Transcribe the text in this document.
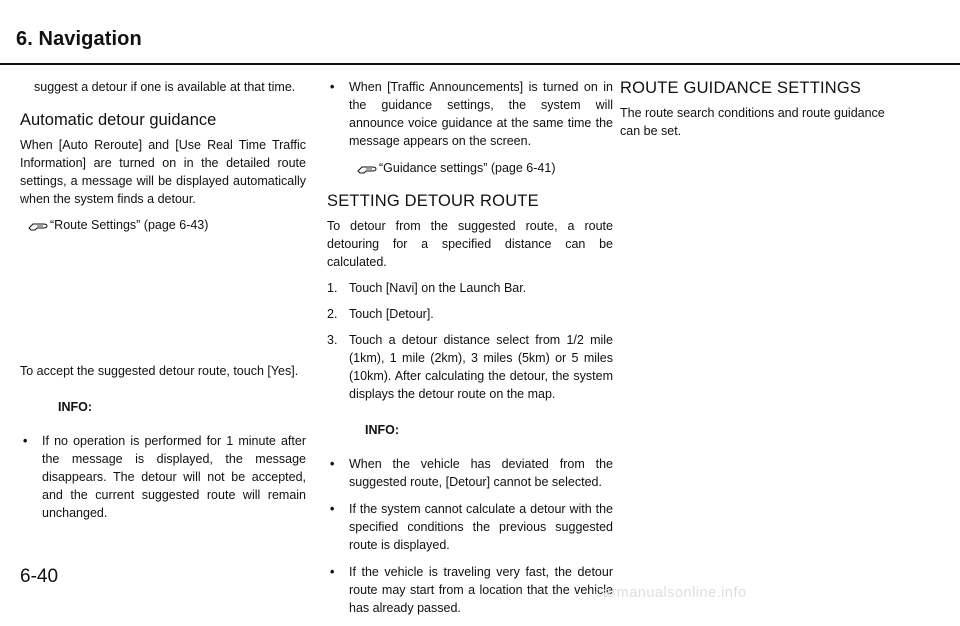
6. Navigation

suggest a detour if one is available at that time.

Automatic detour guidance

When [Auto Reroute] and [Use Real Time Traffic Information] are turned on in the detailed route settings, a message will be displayed automatically when the system finds a detour.

“Route Settings” (page 6-43)

To accept the suggested detour route, touch [Yes].

INFO:
• If no operation is performed for 1 minute after the message is displayed, the message disappears. The detour will not be accepted, and the current suggested route will remain unchanged.
• When [Traffic Announcements] is turned on in the guidance settings, the system will announce voice guidance at the same time the message appears on the screen.
“Guidance settings” (page 6-41)
SETTING DETOUR ROUTE

To detour from the suggested route, a route detouring for a specified distance can be calculated.

1. Touch [Navi] on the Launch Bar.
2. Touch [Detour].
3. Touch a detour distance select from 1/2 mile (1km), 1 mile (2km), 3 miles (5km) or 5 miles (10km). After calculating the detour, the system displays the detour route on the map.
INFO:
• When the vehicle has deviated from the suggested route, [Detour] cannot be selected.
• If the system cannot calculate a detour with the specified conditions the previous suggested route is displayed.
• If the vehicle is traveling very fast, the detour route may start from a location that the vehicle has already passed.
ROUTE GUIDANCE SETTINGS

The route search conditions and route guidance can be set.

6-40
carmanualsonline.info
